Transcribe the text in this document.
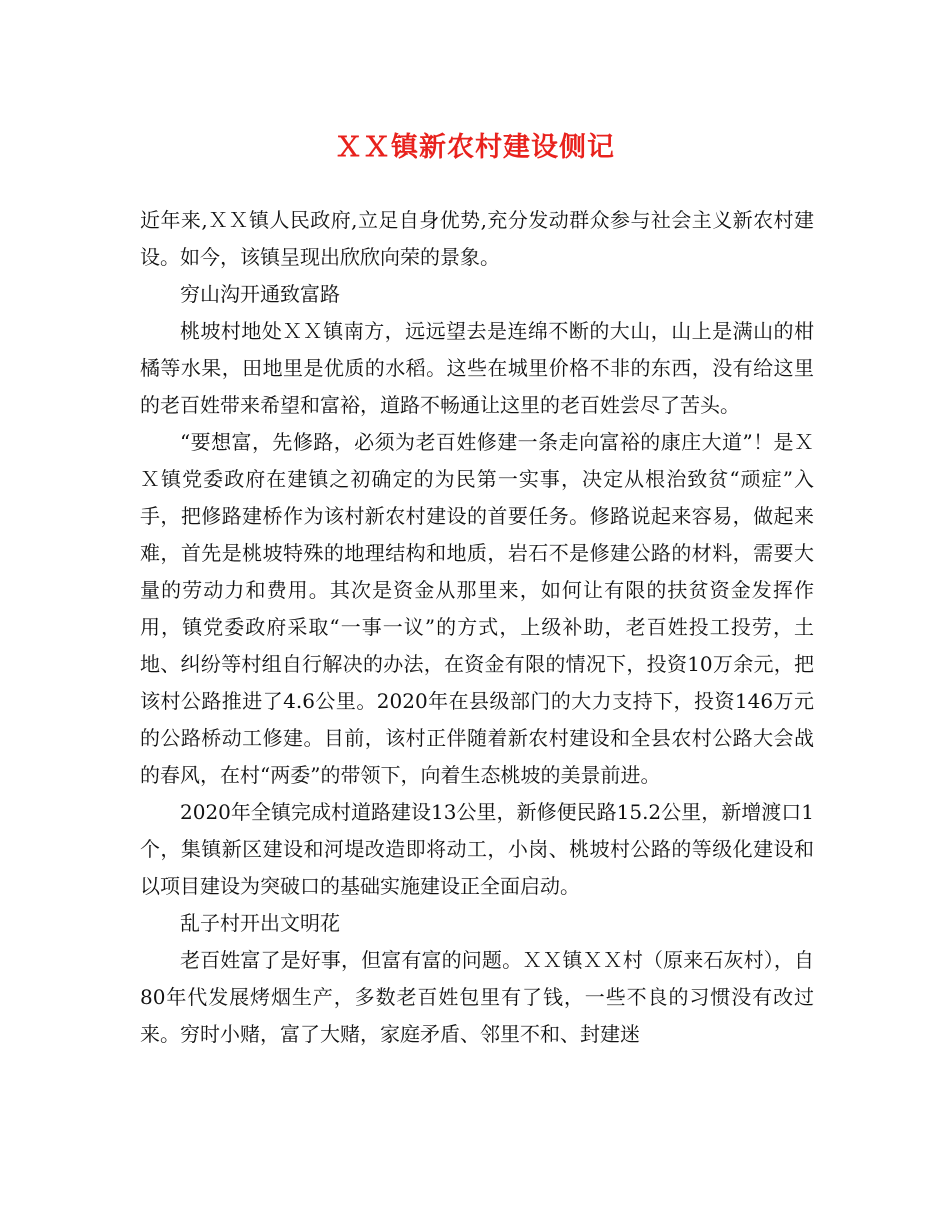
ＸＸ镇新农村建设侧记

近年来,ＸＸ镇人民政府,立足自身优势,充分发动群众参与社会主义新农村建设。如今，该镇呈现出欣欣向荣的景象。

穷山沟开通致富路

桃坡村地处ＸＸ镇南方，远远望去是连绵不断的大山，山上是满山的柑橘等水果，田地里是优质的水稻。这些在城里价格不非的东西，没有给这里的老百姓带来希望和富裕，道路不畅通让这里的老百姓尝尽了苦头。

“要想富，先修路，必须为老百姓修建一条走向富裕的康庄大道”！是ＸＸ镇党委政府在建镇之初确定的为民第一实事，决定从根治致贫“顽症”入手，把修路建桥作为该村新农村建设的首要任务。修路说起来容易，做起来难，首先是桃坡特殊的地理结构和地质，岩石不是修建公路的材料，需要大量的劳动力和费用。其次是资金从那里来，如何让有限的扶贫资金发挥作用，镇党委政府采取“一事一议”的方式，上级补助，老百姓投工投劳，土地、纠纷等村组自行解决的办法，在资金有限的情况下，投资10万余元，把该村公路推进了4.6公里。2020年在县级部门的大力支持下，投资146万元的公路桥动工修建。目前，该村正伴随着新农村建设和全县农村公路大会战的春风，在村“两委”的带领下，向着生态桃坡的美景前进。

2020年全镇完成村道路建设13公里，新修便民路15.2公里，新增渡口1个，集镇新区建设和河堤改造即将动工，小岗、桃坡村公路的等级化建设和以项目建设为突破口的基础实施建设正全面启动。

乱子村开出文明花

老百姓富了是好事，但富有富的问题。ＸＸ镇ＸＸ村（原来石灰村），自80年代发展烤烟生产，多数老百姓包里有了钱，一些不良的习惯没有改过来。穷时小赌，富了大赌，家庭矛盾、邻里不和、封建迷
